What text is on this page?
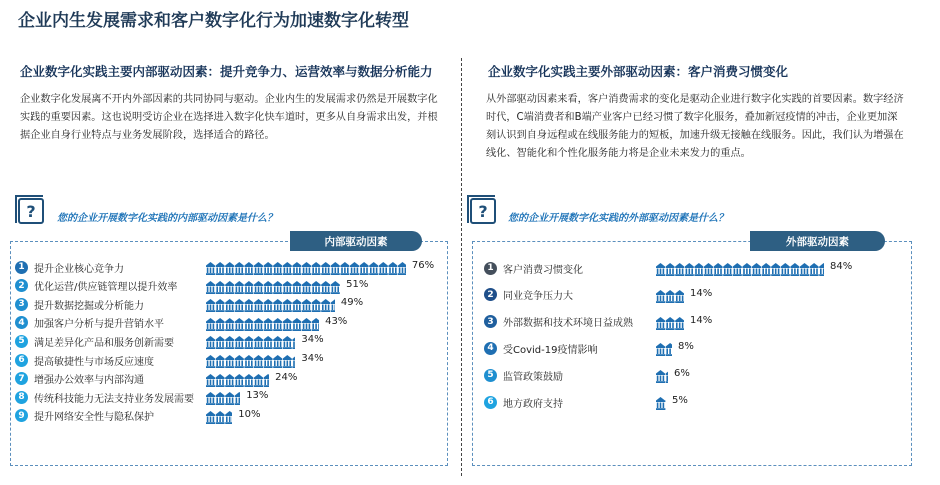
企业内生发展需求和客户数字化行为加速数字化转型
企业数字化实践主要内部驱动因素：提升竞争力、运营效率与数据分析能力
企业数字化发展离不开内外部因素的共同协同与驱动。企业内生的发展需求仍然是开展数字化实践的重要因素。这也说明受访企业在选择进入数字化快车道时，更多从自身需求出发，并根据企业自身行业特点与业务发展阶段，选择适合的路径。
?	您的企业开展数字化实践的内部驱动因素是什么？
1 提升企业核心竞争力	76%
2 优化运营/供应链管理以提升效率	51%
3 提升数据挖掘或分析能力	49%
4 加强客户分析与提升营销水平	43%
5 满足差异化产品和服务创新需要	34%
6 提高敏捷性与市场反应速度	34%
7 增强办公效率与内部沟通	24%
8 传统科技能力无法支持业务发展需要	13%
9 提升网络安全性与隐私保护	10%
内部驱动因素
企业数字化实践主要外部驱动因素：客户消费习惯变化
从外部驱动因素来看，客户消费需求的变化是驱动企业进行数字化实践的首要因素。数字经济时代，C端消费者和B端产业客户已经习惯了数字化服务，叠加新冠疫情的冲击，企业更加深刻认识到自身远程或在线服务能力的短板，加速升级无接触在线服务。因此，我们认为增强在线化、智能化和个性化服务能力将是企业未来发力的重点。
?	您的企业开展数字化实践的外部驱动因素是什么？
1 客户消费习惯变化	84%
2 同业竞争压力大	14%
3 外部数据和技术环境日益成熟	14%
4 受Covid-19疫情影响	8%
5 监管政策鼓励	6%
6 地方政府支持	5%
外部驱动因素
